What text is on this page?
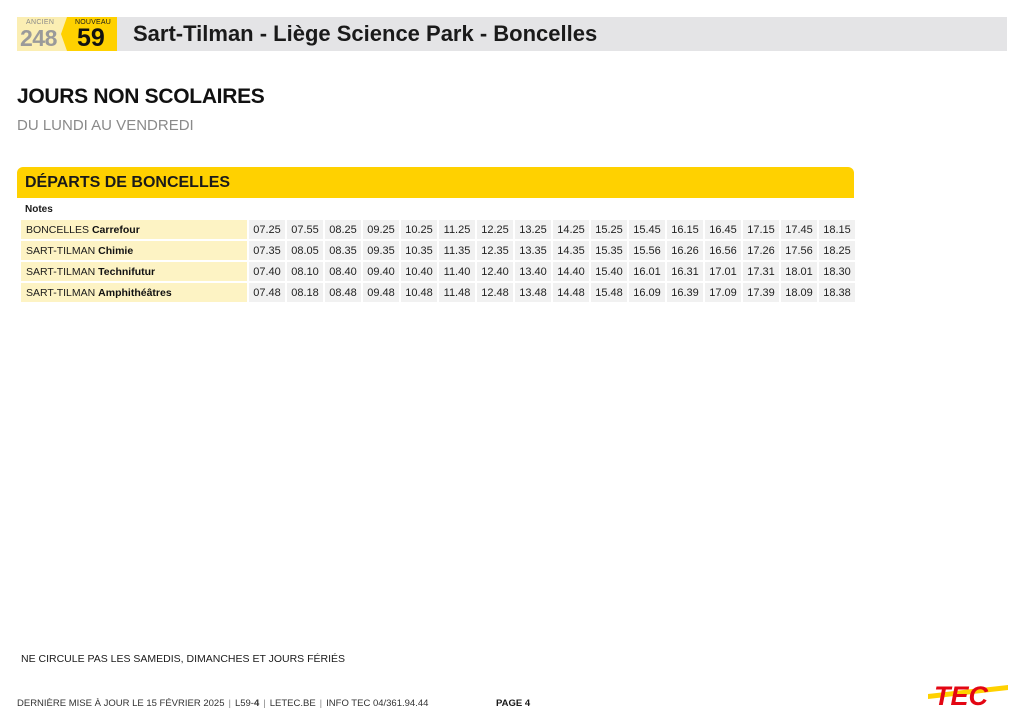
ANCIEN
248
NOUVEAU
59 Sart-Tilman - Liège Science Park - Boncelles
JOURS NON SCOLAIRES
DU LUNDI AU VENDREDI
DÉPARTS DE BONCELLES
Notes
BONCELLES Carrefour	07.25	07.55	08.25	09.25	10.25	11.25	12.25	13.25	14.25	15.25	15.45	16.15	16.45	17.15	17.45	18.15
SART-TILMAN Chimie	07.35	08.05	08.35	09.35	10.35	11.35	12.35	13.35	14.35	15.35	15.56	16.26	16.56	17.26	17.56	18.25
SART-TILMAN Technifutur	07.40	08.10	08.40	09.40	10.40	11.40	12.40	13.40	14.40	15.40	16.01	16.31	17.01	17.31	18.01	18.30
SART-TILMAN Amphithéâtres	07.48	08.18	08.48	09.48	10.48	11.48	12.48	13.48	14.48	15.48	16.09	16.39	17.09	17.39	18.09	18.38
NE CIRCULE PAS LES SAMEDIS, DIMANCHES ET JOURS FÉRIÉS
DERNIÈRE MISE À JOUR LE 15 FÉVRIER 2025 | L59-4 | LETEC.BE | INFO TEC 04/361.94.44	PAGE 4	TEC
